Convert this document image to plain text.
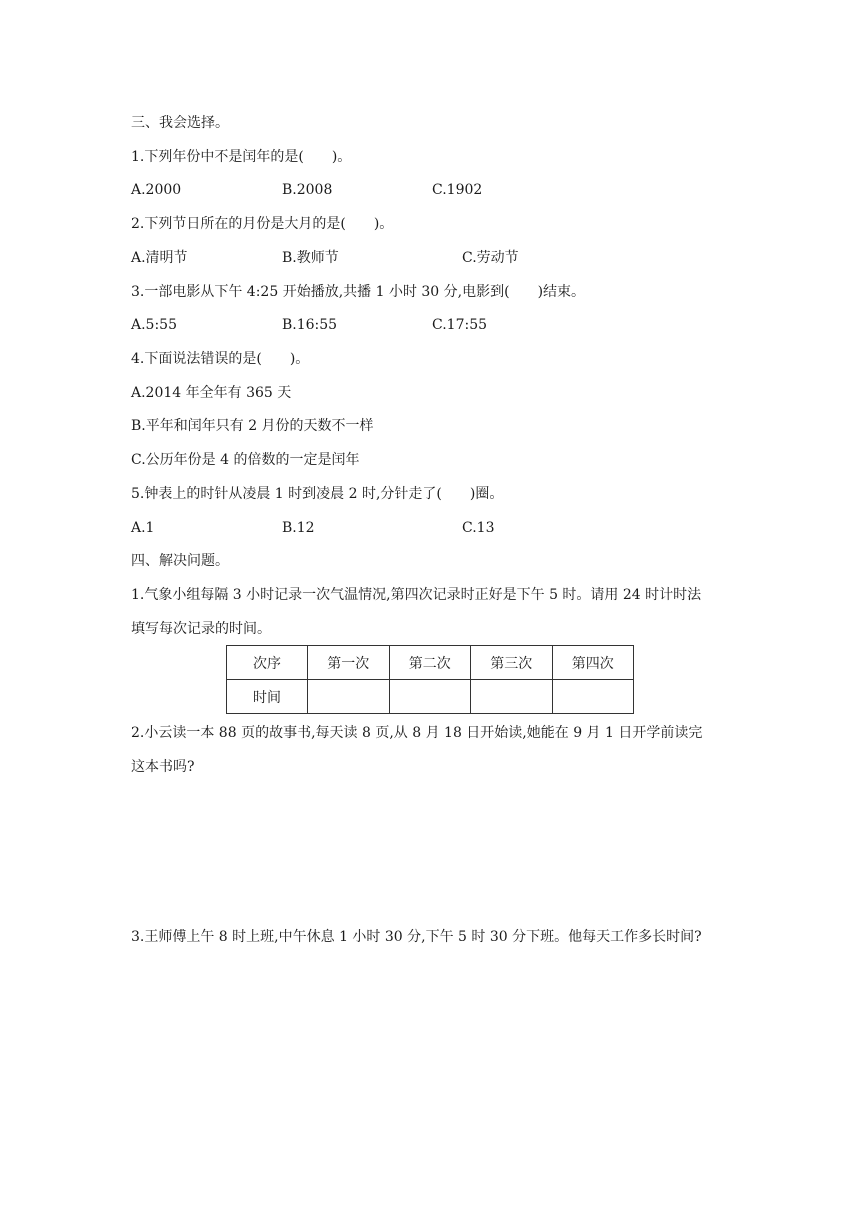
三、我会选择。
1.下列年份中不是闰年的是(　　)。
A.2000	B.2008	C.1902
2.下列节日所在的月份是大月的是(　　)。
A.清明节	B.教师节	C.劳动节
3.一部电影从下午 4:25 开始播放,共播 1 小时 30 分,电影到(　　)结束。
A.5:55	B.16:55	C.17:55
4.下面说法错误的是(　　)。
A.2014 年全年有 365 天
B.平年和闰年只有 2 月份的天数不一样
C.公历年份是 4 的倍数的一定是闰年
5.钟表上的时针从凌晨 1 时到凌晨 2 时,分针走了(　　)圈。
A.1	B.12	C.13
四、解决问题。
1.气象小组每隔 3 小时记录一次气温情况,第四次记录时正好是下午 5 时。请用 24 时计时法
填写每次记录的时间。
次序	第一次	第二次	第三次	第四次
时间				
2.小云读一本 88 页的故事书,每天读 8 页,从 8 月 18 日开始读,她能在 9 月 1 日开学前读完
这本书吗?
3.王师傅上午 8 时上班,中午休息 1 小时 30 分,下午 5 时 30 分下班。他每天工作多长时间?
